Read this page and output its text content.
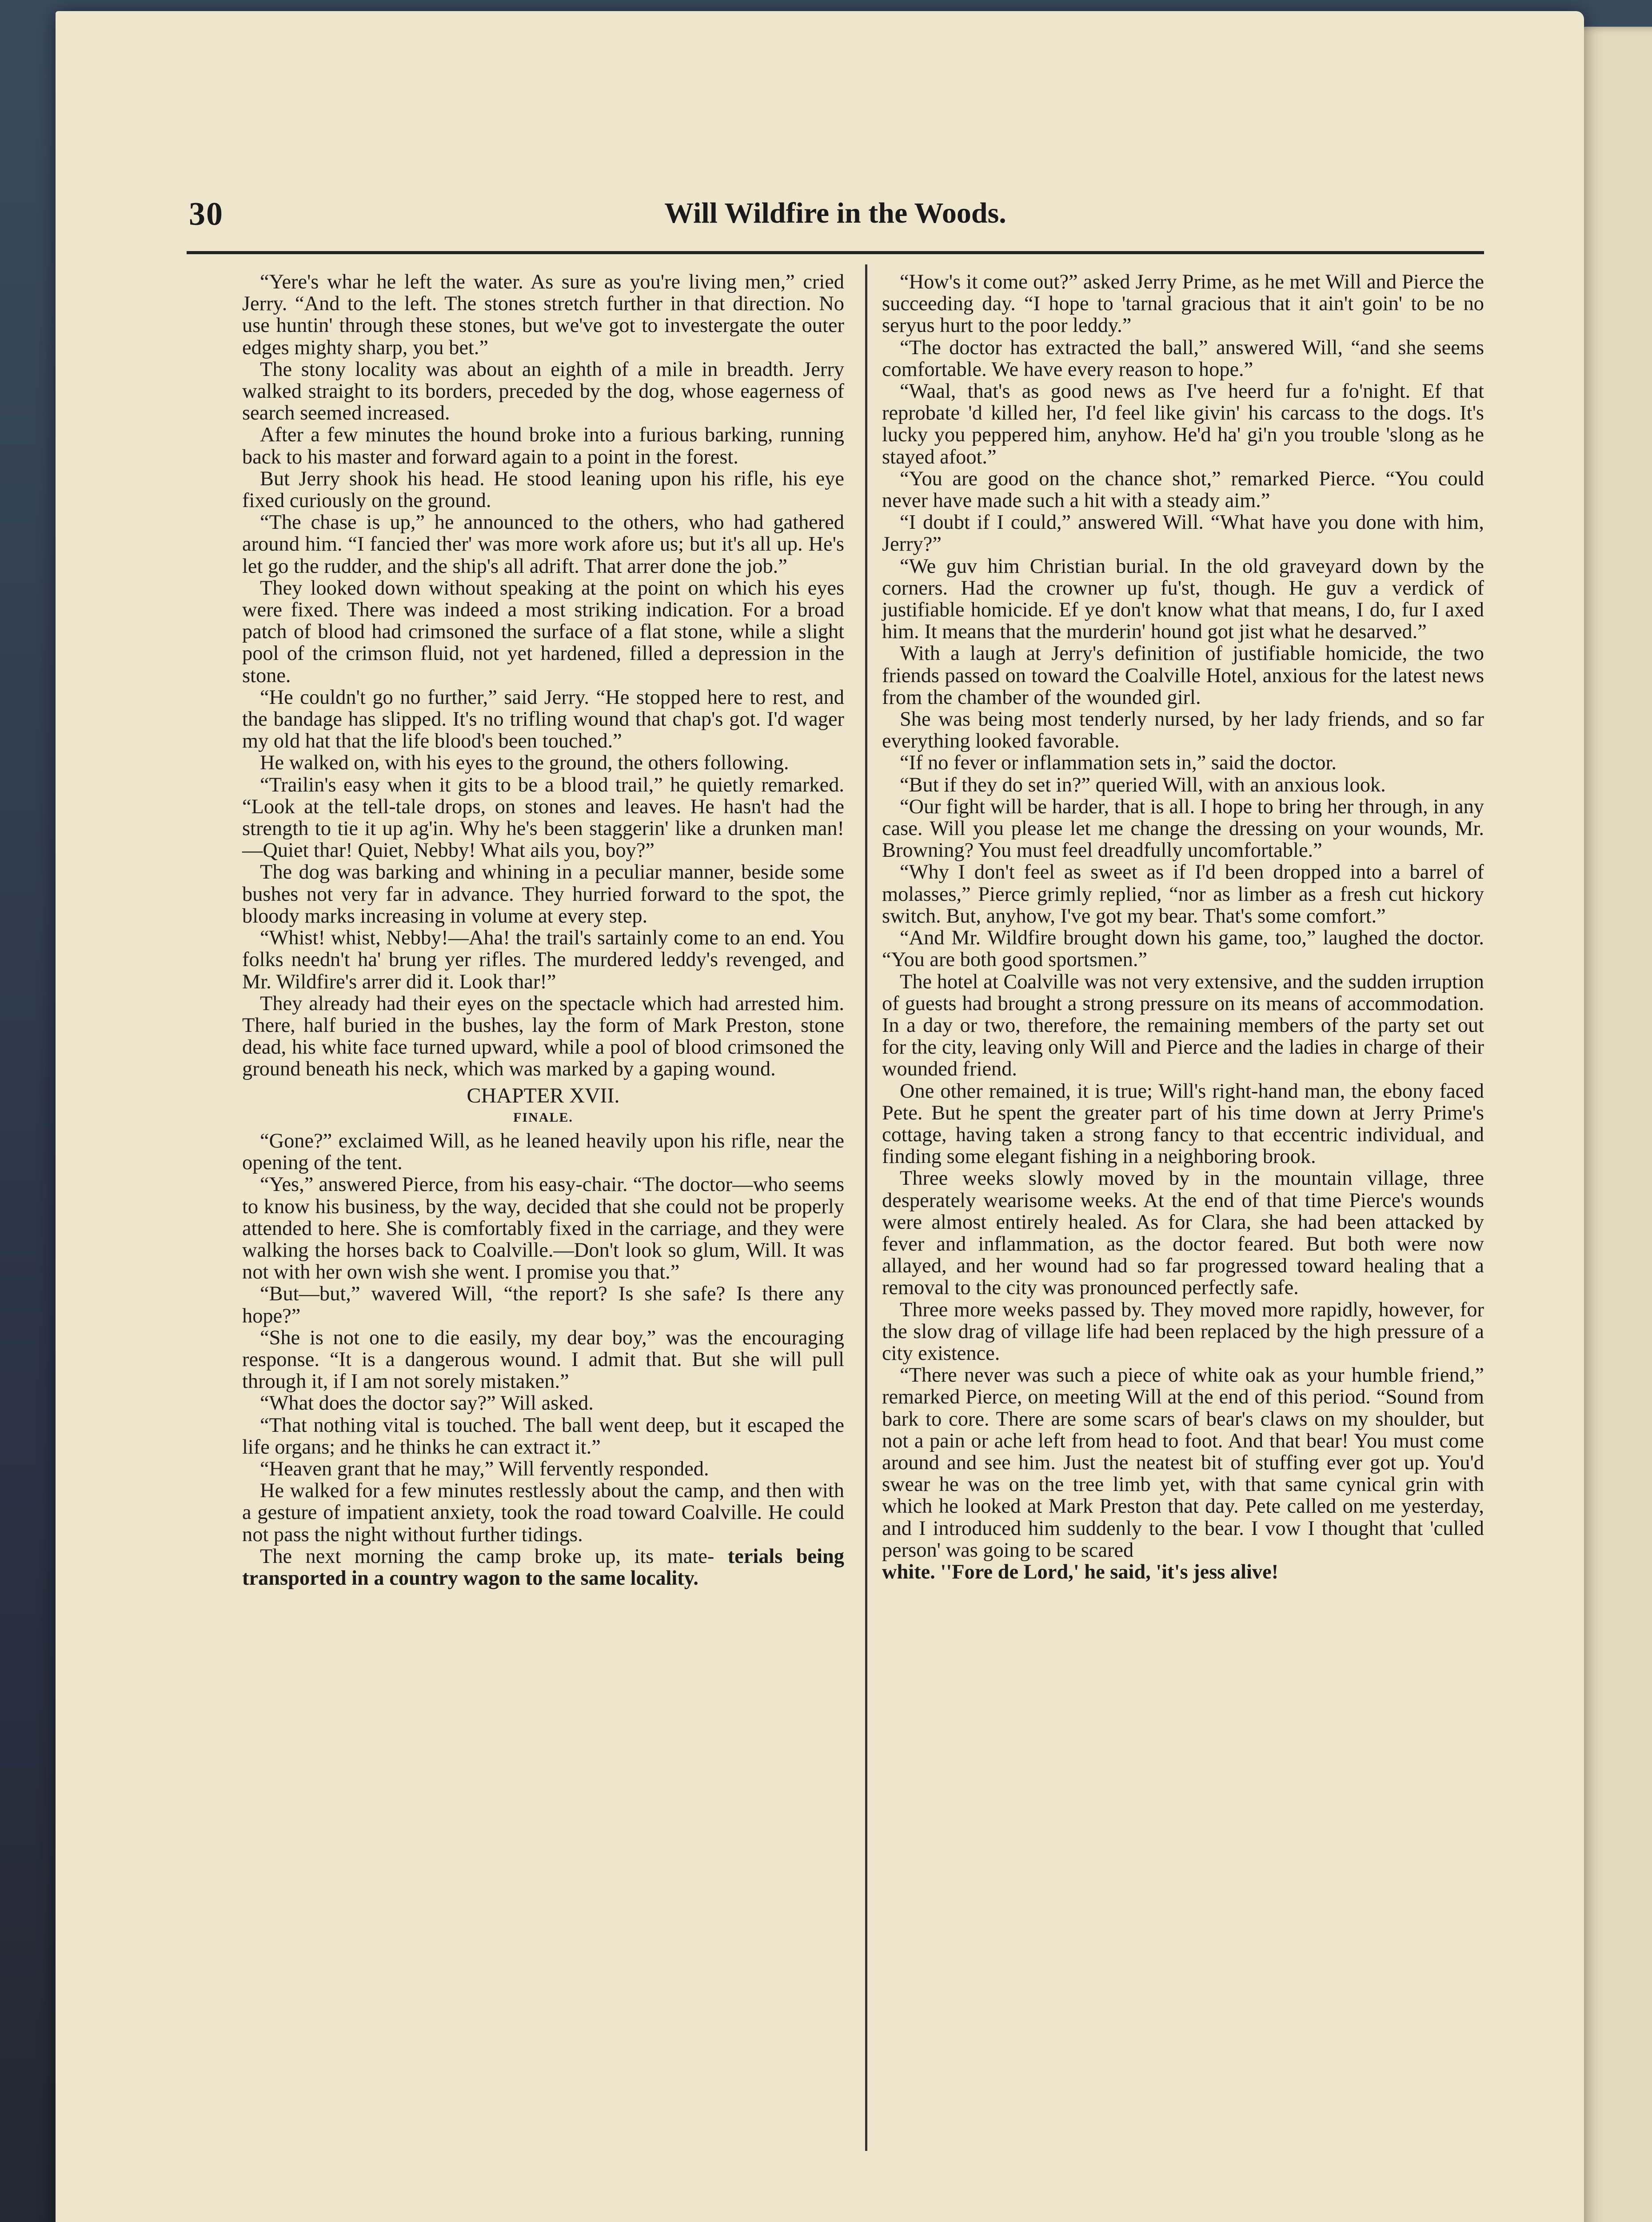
30	Will Wildfire in the Woods.

“Yere's whar he left the water. As sure as you're living men,” cried Jerry. “And to the left. The stones stretch further in that direction. No use huntin' through these stones, but we've got to investergate the outer edges mighty sharp, you bet.”

The stony locality was about an eighth of a mile in breadth. Jerry walked straight to its borders, preceded by the dog, whose eagerness of search seemed increased.

After a few minutes the hound broke into a furious barking, running back to his master and forward again to a point in the forest.

But Jerry shook his head. He stood leaning upon his rifle, his eye fixed curiously on the ground.

“The chase is up,” he announced to the others, who had gathered around him. “I fancied ther' was more work afore us; but it's all up. He's let go the rudder, and the ship's all adrift. That arrer done the job.”

They looked down without speaking at the point on which his eyes were fixed. There was indeed a most striking indication. For a broad patch of blood had crimsoned the surface of a flat stone, while a slight pool of the crimson fluid, not yet hardened, filled a depression in the stone.

“He couldn't go no further,” said Jerry. “He stopped here to rest, and the bandage has slipped. It's no trifling wound that chap's got. I'd wager my old hat that the life blood's been touched.”

He walked on, with his eyes to the ground, the others following.

“Trailin's easy when it gits to be a blood trail,” he quietly remarked. “Look at the tell-tale drops, on stones and leaves. He hasn't had the strength to tie it up ag'in. Why he's been staggerin' like a drunken man!—Quiet thar! Quiet, Nebby! What ails you, boy?”

The dog was barking and whining in a peculiar manner, beside some bushes not very far in advance. They hurried forward to the spot, the bloody marks increasing in volume at every step.

“Whist! whist, Nebby!—Aha! the trail's sartainly come to an end. You folks needn't ha' brung yer rifles. The murdered leddy's revenged, and Mr. Wildfire's arrer did it. Look thar!”

They already had their eyes on the spectacle which had arrested him. There, half buried in the bushes, lay the form of Mark Preston, stone dead, his white face turned upward, while a pool of blood crimsoned the ground beneath his neck, which was marked by a gaping wound.

CHAPTER XVII.
FINALE.

“Gone?” exclaimed Will, as he leaned heavily upon his rifle, near the opening of the tent.

“Yes,” answered Pierce, from his easy-chair. “The doctor—who seems to know his business, by the way, decided that she could not be properly attended to here. She is comfortably fixed in the carriage, and they were walking the horses back to Coalville.—Don't look so glum, Will. It was not with her own wish she went. I promise you that.”

“But—but,” wavered Will, “the report? Is she safe? Is there any hope?”

“She is not one to die easily, my dear boy,” was the encouraging response. “It is a dangerous wound. I admit that. But she will pull through it, if I am not sorely mistaken.”

“What does the doctor say?” Will asked.

“That nothing vital is touched. The ball went deep, but it escaped the life organs; and he thinks he can extract it.”

“Heaven grant that he may,” Will fervently responded.

He walked for a few minutes restlessly about the camp, and then with a gesture of impatient anxiety, took the road toward Coalville. He could not pass the night without further tidings.

The next morning the camp broke up, its mate- terials being transported in a country wagon to the same locality.

“How's it come out?” asked Jerry Prime, as he met Will and Pierce the succeeding day. “I hope to 'tarnal gracious that it ain't goin' to be no seryus hurt to the poor leddy.”

“The doctor has extracted the ball,” answered Will, “and she seems comfortable. We have every reason to hope.”

“Waal, that's as good news as I've heerd fur a fo'night. Ef that reprobate 'd killed her, I'd feel like givin' his carcass to the dogs. It's lucky you peppered him, anyhow. He'd ha' gi'n you trouble 'slong as he stayed afoot.”

“You are good on the chance shot,” remarked Pierce. “You could never have made such a hit with a steady aim.”

“I doubt if I could,” answered Will. “What have you done with him, Jerry?”

“We guv him Christian burial. In the old graveyard down by the corners. Had the crowner up fu'st, though. He guv a verdick of justifiable homicide. Ef ye don't know what that means, I do, fur I axed him. It means that the murderin' hound got jist what he desarved.”

With a laugh at Jerry's definition of justifiable homicide, the two friends passed on toward the Coalville Hotel, anxious for the latest news from the chamber of the wounded girl.

She was being most tenderly nursed, by her lady friends, and so far everything looked favorable.

“If no fever or inflammation sets in,” said the doctor.

“But if they do set in?” queried Will, with an anxious look.

“Our fight will be harder, that is all. I hope to bring her through, in any case. Will you please let me change the dressing on your wounds, Mr. Browning? You must feel dreadfully uncomfortable.”

“Why I don't feel as sweet as if I'd been dropped into a barrel of molasses,” Pierce grimly replied, “nor as limber as a fresh cut hickory switch. But, anyhow, I've got my bear. That's some comfort.”

“And Mr. Wildfire brought down his game, too,” laughed the doctor. “You are both good sportsmen.”

The hotel at Coalville was not very extensive, and the sudden irruption of guests had brought a strong pressure on its means of accommodation. In a day or two, therefore, the remaining members of the party set out for the city, leaving only Will and Pierce and the ladies in charge of their wounded friend.

One other remained, it is true; Will's right-hand man, the ebony faced Pete. But he spent the greater part of his time down at Jerry Prime's cottage, having taken a strong fancy to that eccentric individual, and finding some elegant fishing in a neighboring brook.

Three weeks slowly moved by in the mountain village, three desperately wearisome weeks. At the end of that time Pierce's wounds were almost entirely healed. As for Clara, she had been attacked by fever and inflammation, as the doctor feared. But both were now allayed, and her wound had so far progressed toward healing that a removal to the city was pronounced perfectly safe.

Three more weeks passed by. They moved more rapidly, however, for the slow drag of village life had been replaced by the high pressure of a city existence.

“There never was such a piece of white oak as your humble friend,” remarked Pierce, on meeting Will at the end of this period. “Sound from bark to core. There are some scars of bear's claws on my shoulder, but not a pain or ache left from head to foot. And that bear! You must come around and see him. Just the neatest bit of stuffing ever got up. You'd swear he was on the tree limb yet, with that same cynical grin with which he looked at Mark Preston that day. Pete called on me yesterday, and I introduced him suddenly to the bear. I vow I thought that 'culled person' was going to be scared

white. ''Fore de Lord,' he said, 'it's jess alive!
